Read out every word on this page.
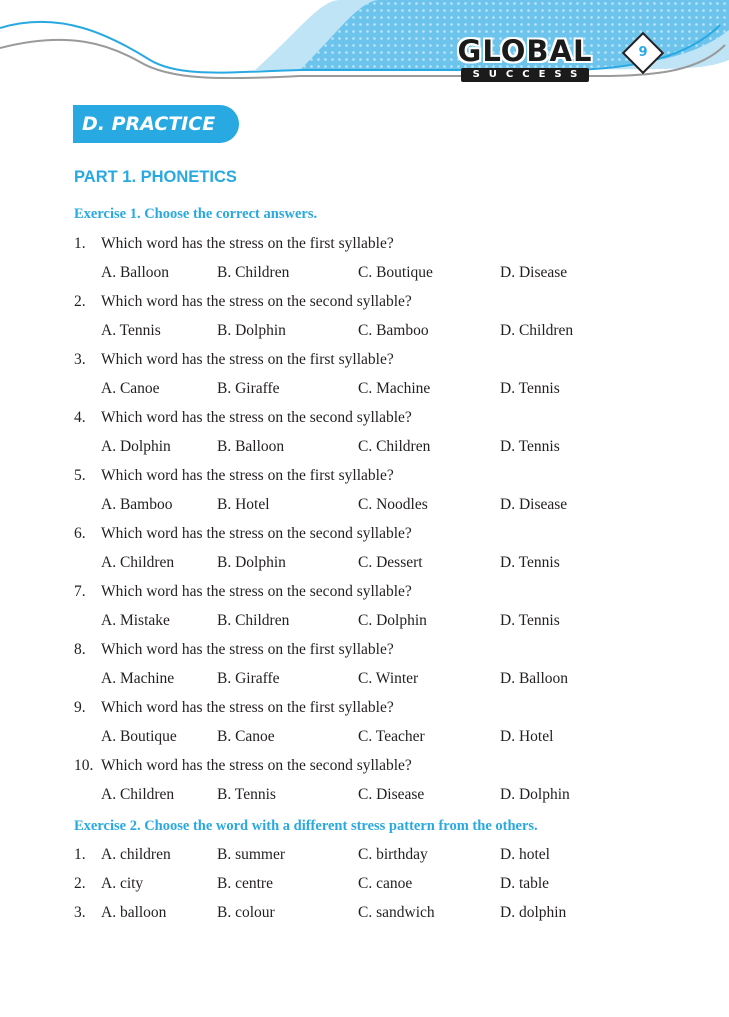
GLOBAL
SUCCESS
9
D. PRACTICE
PART 1. PHONETICS
Exercise 1. Choose the correct answers.
1. Which word has the stress on the first syllable?
A. Balloon	B. Children	C. Boutique	D. Disease
2. Which word has the stress on the second syllable?
A. Tennis	B. Dolphin	C. Bamboo	D. Children
3. Which word has the stress on the first syllable?
A. Canoe	B. Giraffe	C. Machine	D. Tennis
4. Which word has the stress on the second syllable?
A. Dolphin	B. Balloon	C. Children	D. Tennis
5. Which word has the stress on the first syllable?
A. Bamboo	B. Hotel	C. Noodles	D. Disease
6. Which word has the stress on the second syllable?
A. Children	B. Dolphin	C. Dessert	D. Tennis
7. Which word has the stress on the second syllable?
A. Mistake	B. Children	C. Dolphin	D. Tennis
8. Which word has the stress on the first syllable?
A. Machine	B. Giraffe	C. Winter	D. Balloon
9. Which word has the stress on the first syllable?
A. Boutique	B. Canoe	C. Teacher	D. Hotel
10. Which word has the stress on the second syllable?
A. Children	B. Tennis	C. Disease	D. Dolphin
Exercise 2. Choose the word with a different stress pattern from the others.
1. A. children	B. summer	C. birthday	D. hotel
2. A. city	B. centre	C. canoe	D. table
3. A. balloon	B. colour	C. sandwich	D. dolphin
